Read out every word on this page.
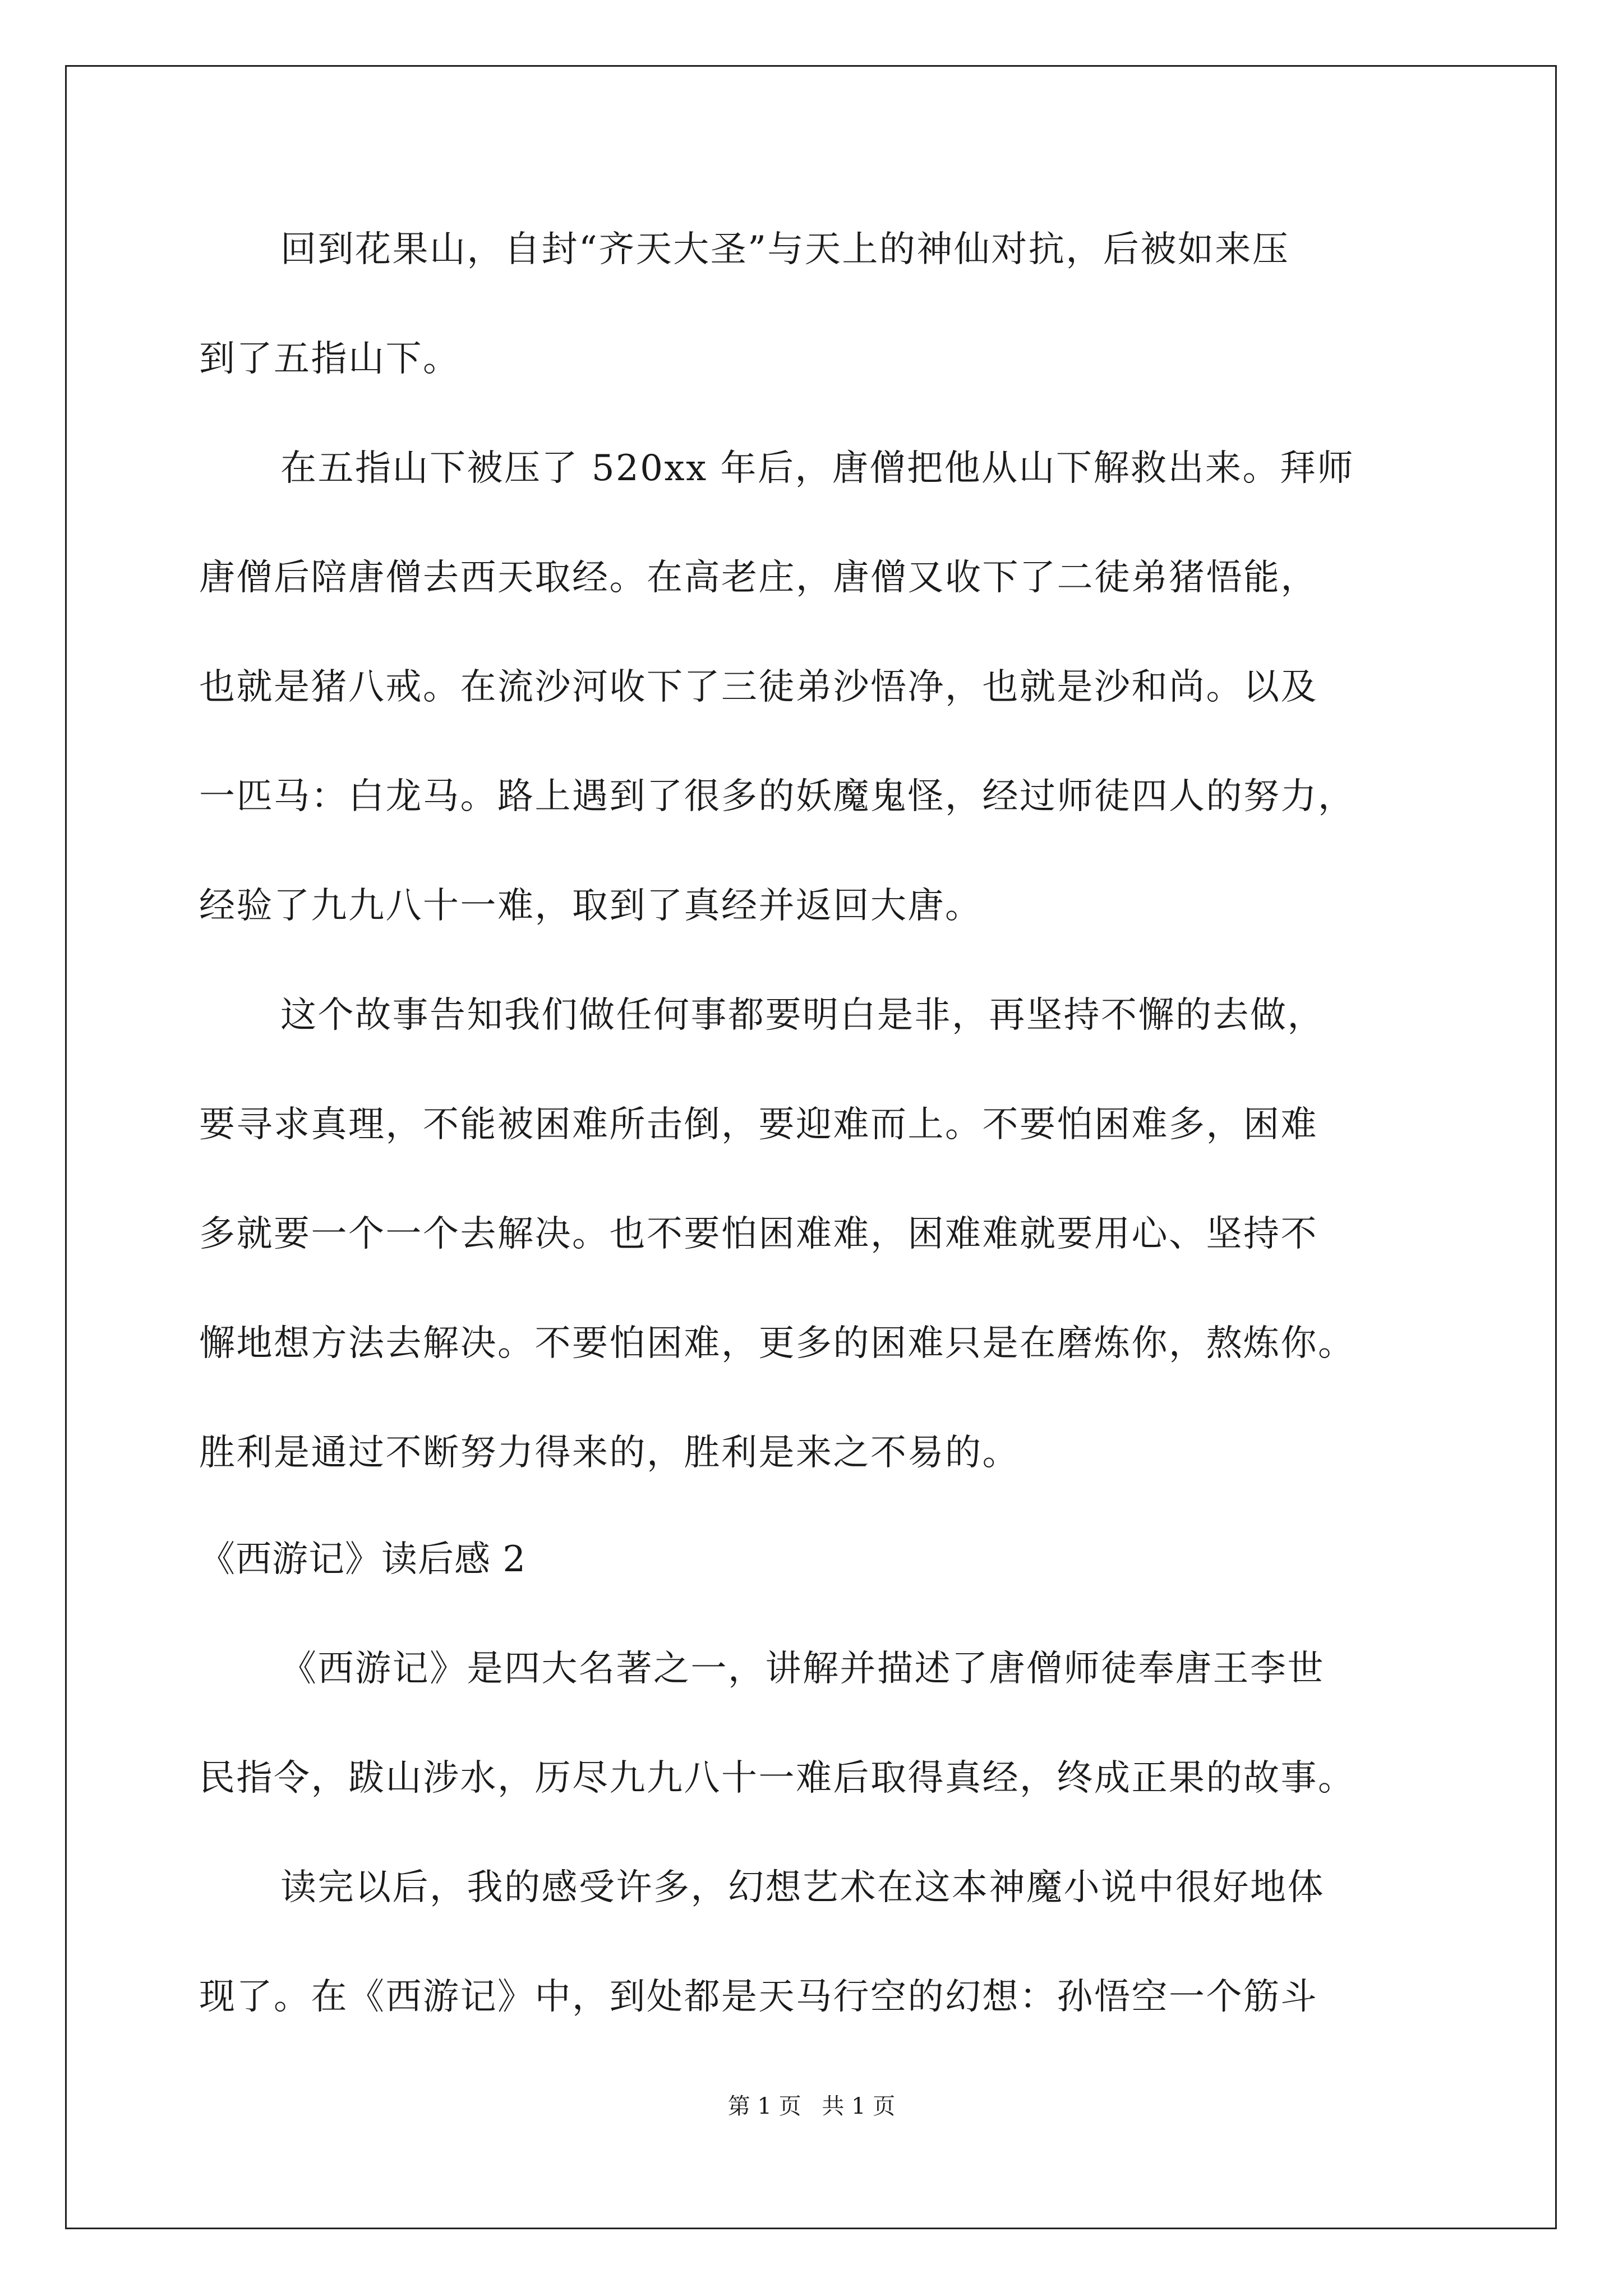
回到花果山，自封“齐天大圣”与天上的神仙对抗，后被如来压
到了五指山下。
在五指山下被压了 520xx 年后，唐僧把他从山下解救出来。拜师
唐僧后陪唐僧去西天取经。在高老庄，唐僧又收下了二徒弟猪悟能，
也就是猪八戒。在流沙河收下了三徒弟沙悟净，也就是沙和尚。以及
一匹马：白龙马。路上遇到了很多的妖魔鬼怪，经过师徒四人的努力，
经验了九九八十一难，取到了真经并返回大唐。
这个故事告知我们做任何事都要明白是非，再坚持不懈的去做，
要寻求真理，不能被困难所击倒，要迎难而上。不要怕困难多，困难
多就要一个一个去解决。也不要怕困难难，困难难就要用心、坚持不
懈地想方法去解决。不要怕困难，更多的困难只是在磨炼你，熬炼你。
胜利是通过不断努力得来的，胜利是来之不易的。
《西游记》读后感 2
《西游记》是四大名著之一，讲解并描述了唐僧师徒奉唐王李世
民指令，跋山涉水，历尽九九八十一难后取得真经，终成正果的故事。
读完以后，我的感受许多，幻想艺术在这本神魔小说中很好地体
现了。在《西游记》中，到处都是天马行空的幻想：孙悟空一个筋斗
第 1 页 共 1 页
